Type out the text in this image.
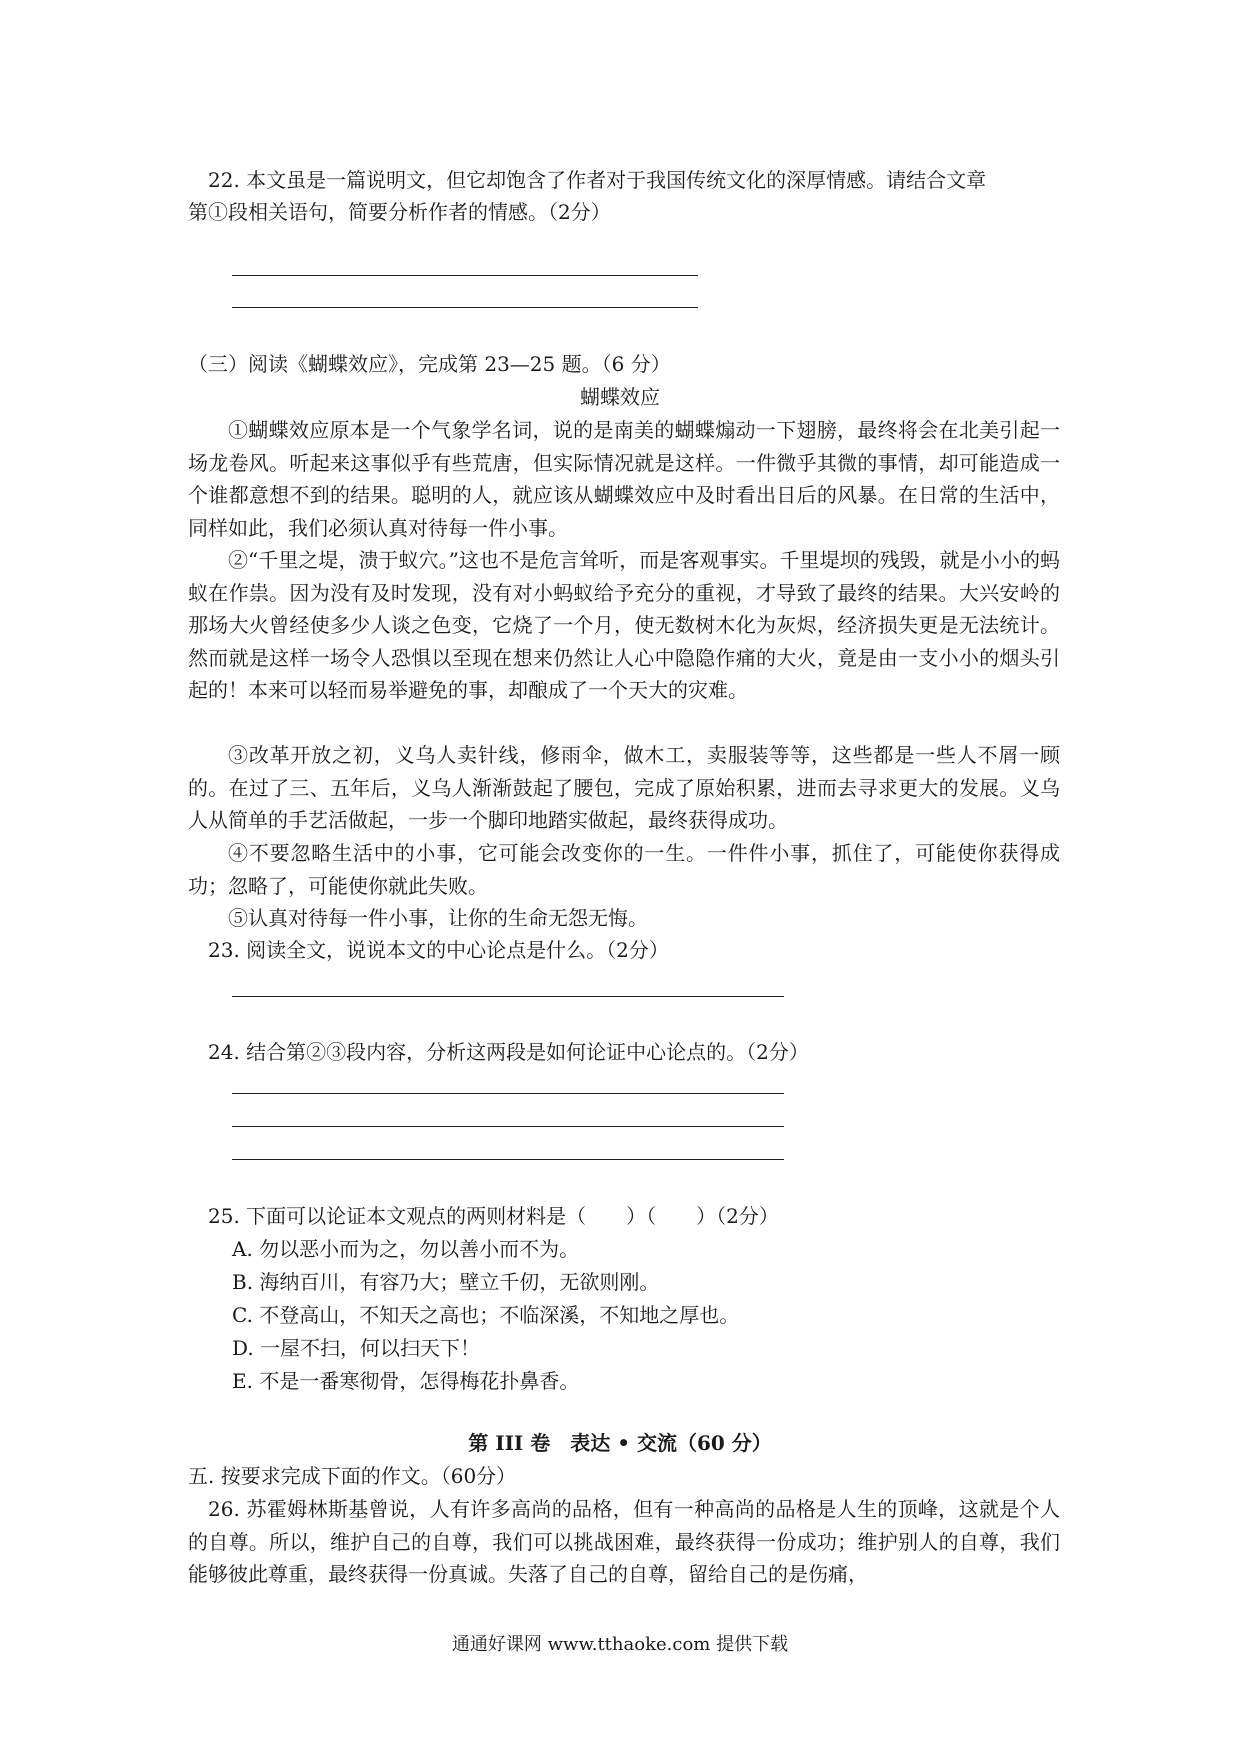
22. 本文虽是一篇说明文，但它却饱含了作者对于我国传统文化的深厚情感。请结合文章
第①段相关语句，简要分析作者的情感。（2分）
（三）阅读《蝴蝶效应》，完成第 23—25 题。（6 分）
蝴蝶效应
①蝴蝶效应原本是一个气象学名词，说的是南美的蝴蝶煽动一下翅膀，最终将会在北美引起一场龙卷风。听起来这事似乎有些荒唐，但实际情况就是这样。一件微乎其微的事情，却可能造成一个谁都意想不到的结果。聪明的人，就应该从蝴蝶效应中及时看出日后的风暴。在日常的生活中，同样如此，我们必须认真对待每一件小事。
②“千里之堤，溃于蚁穴。”这也不是危言耸听，而是客观事实。千里堤坝的残毁，就是小小的蚂蚁在作祟。因为没有及时发现，没有对小蚂蚁给予充分的重视，才导致了最终的结果。大兴安岭的那场大火曾经使多少人谈之色变，它烧了一个月，使无数树木化为灰烬，经济损失更是无法统计。然而就是这样一场令人恐惧以至现在想来仍然让人心中隐隐作痛的大火，竟是由一支小小的烟头引起的！本来可以轻而易举避免的事，却酿成了一个天大的灾难。
③改革开放之初，义乌人卖针线，修雨伞，做木工，卖服装等等，这些都是一些人不屑一顾的。在过了三、五年后，义乌人渐渐鼓起了腰包，完成了原始积累，进而去寻求更大的发展。义乌人从简单的手艺活做起，一步一个脚印地踏实做起，最终获得成功。
④不要忽略生活中的小事，它可能会改变你的一生。一件件小事，抓住了，可能使你获得成功；忽略了，可能使你就此失败。
⑤认真对待每一件小事，让你的生命无怨无悔。
23. 阅读全文，说说本文的中心论点是什么。（2分）
24. 结合第②③段内容，分析这两段是如何论证中心论点的。（2分）
25. 下面可以论证本文观点的两则材料是（　　）（　　）（2分）
A. 勿以恶小而为之，勿以善小而不为。
B. 海纳百川，有容乃大；壁立千仞，无欲则刚。
C. 不登高山，不知天之高也；不临深溪，不知地之厚也。
D. 一屋不扫，何以扫天下！
E. 不是一番寒彻骨，怎得梅花扑鼻香。
第 III 卷　表达 • 交流（60 分）
五. 按要求完成下面的作文。（60分）
26. 苏霍姆林斯基曾说，人有许多高尚的品格，但有一种高尚的品格是人生的顶峰，这就是个人的自尊。所以，维护自己的自尊，我们可以挑战困难，最终获得一份成功；维护别人的自尊，我们能够彼此尊重，最终获得一份真诚。失落了自己的自尊，留给自己的是伤痛，
通通好课网 www.tthaoke.com 提供下载
